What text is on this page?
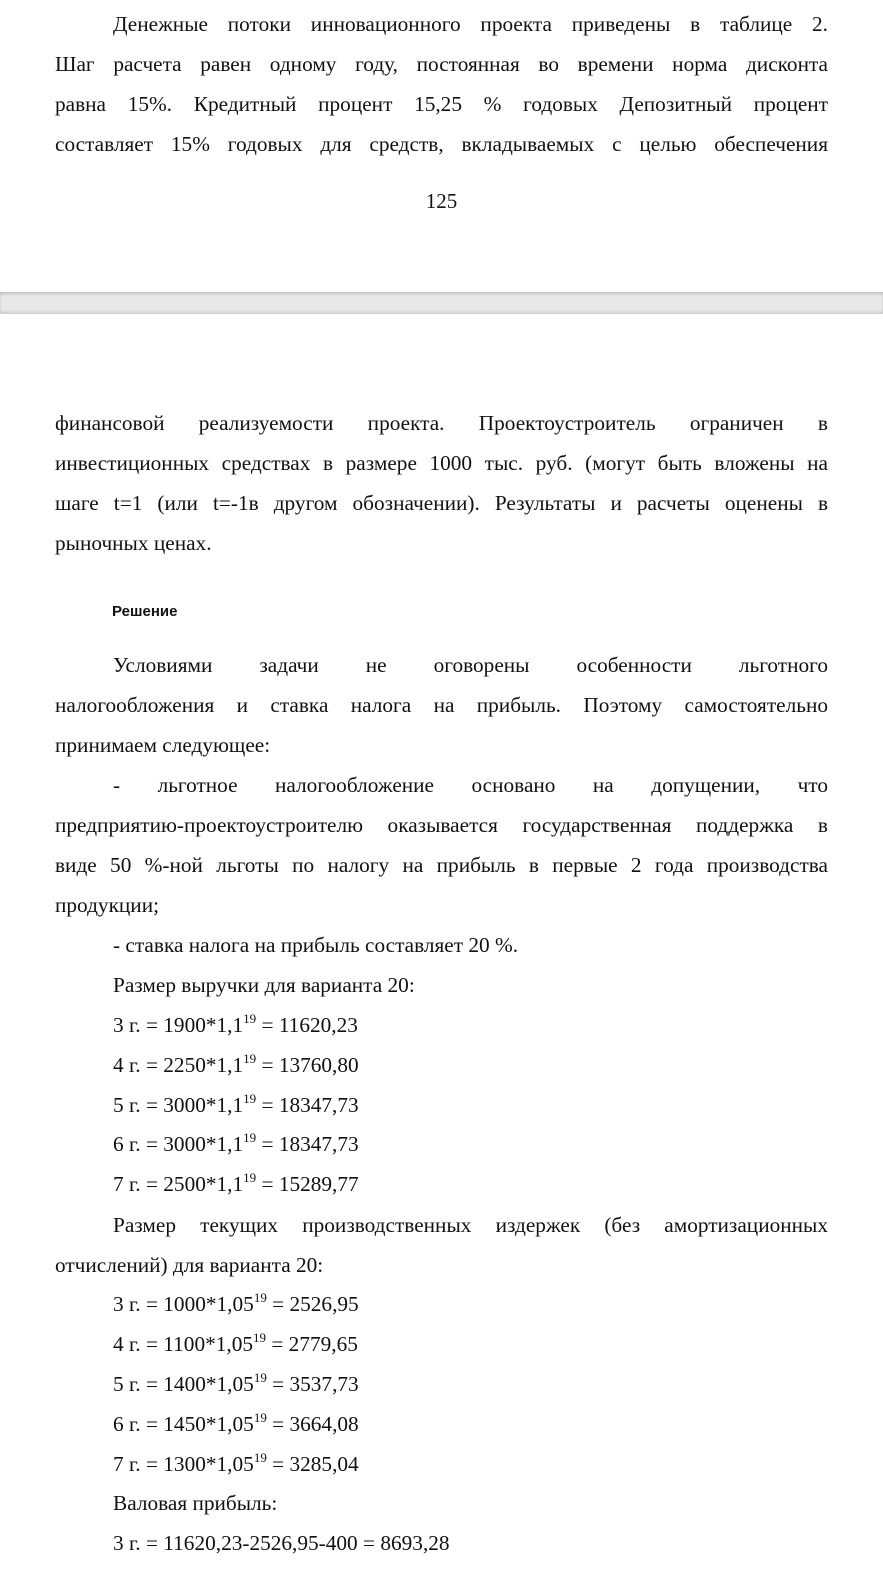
Денежные потоки инновационного проекта приведены в таблице 2.
Шаг расчета равен одному году, постоянная во времени норма дисконта
равна 15%. Кредитный процент 15,25 % годовых Депозитный процент
составляет 15% годовых для средств, вкладываемых с целью обеспечения
125
финансовой реализуемости проекта. Проектоустроитель ограничен в
инвестиционных средствах в размере 1000 тыс. руб. (могут быть вложены на
шаге t=1 (или t=-1в другом обозначении). Результаты и расчеты оценены в
рыночных ценах.
Решение
Условиями задачи не оговорены особенности льготного
налогообложения и ставка налога на прибыль. Поэтому самостоятельно
принимаем следующее:
- льготное налогообложение основано на допущении, что
предприятию-проектоустроителю оказывается государственная поддержка в
виде 50 %-ной льготы по налогу на прибыль в первые 2 года производства
продукции;
- ставка налога на прибыль составляет 20 %.
Размер выручки для варианта 20:
3 г. = $1900*1,1^{19} = 11620,23$
4 г. = $2250*1,1^{19} = 13760,80$
5 г. = $3000*1,1^{19} = 18347,73$
6 г. = $3000*1,1^{19} = 18347,73$
7 г. = $2500*1,1^{19} = 15289,77$
Размер текущих производственных издержек (без амортизационных
отчислений) для варианта 20:
3 г. = $1000*1,05^{19} = 2526,95$
4 г. = $1100*1,05^{19} = 2779,65$
5 г. = $1400*1,05^{19} = 3537,73$
6 г. = $1450*1,05^{19} = 3664,08$
7 г. = $1300*1,05^{19} = 3285,04$
Валовая прибыль:
3 г. = 11620,23-2526,95-400 = 8693,28
